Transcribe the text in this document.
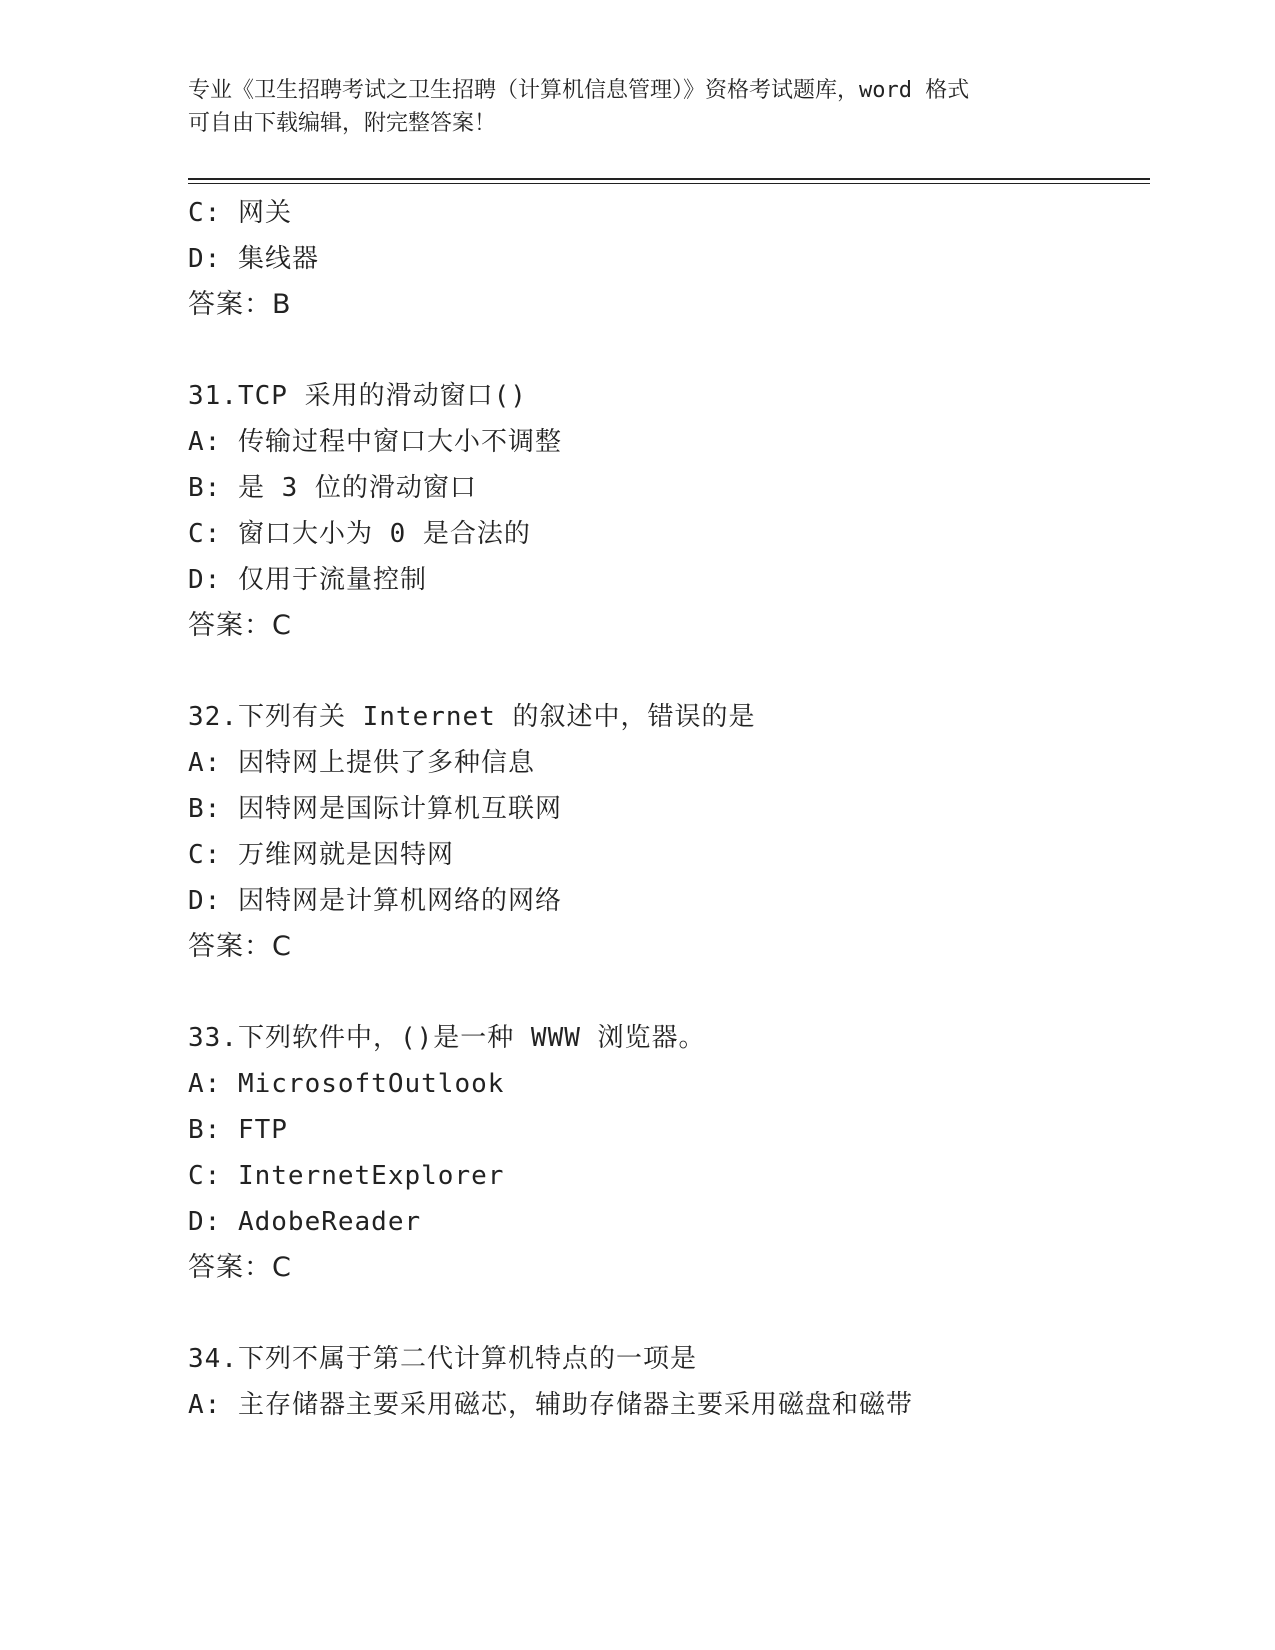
专业《卫生招聘考试之卫生招聘（计算机信息管理）》资格考试题库，word 格式
可自由下载编辑，附完整答案！
C: 网关
D: 集线器
答案：B
31.TCP 采用的滑动窗口()
A: 传输过程中窗口大小不调整
B: 是 3 位的滑动窗口
C: 窗口大小为 0 是合法的
D: 仅用于流量控制
答案：C
32.下列有关 Internet 的叙述中，错误的是
A: 因特网上提供了多种信息
B: 因特网是国际计算机互联网
C: 万维网就是因特网
D: 因特网是计算机网络的网络
答案：C
33.下列软件中，()是一种 WWW 浏览器。
A: MicrosoftOutlook
B: FTP
C: InternetExplorer
D: AdobeReader
答案：C
34.下列不属于第二代计算机特点的一项是
A: 主存储器主要采用磁芯，辅助存储器主要采用磁盘和磁带
